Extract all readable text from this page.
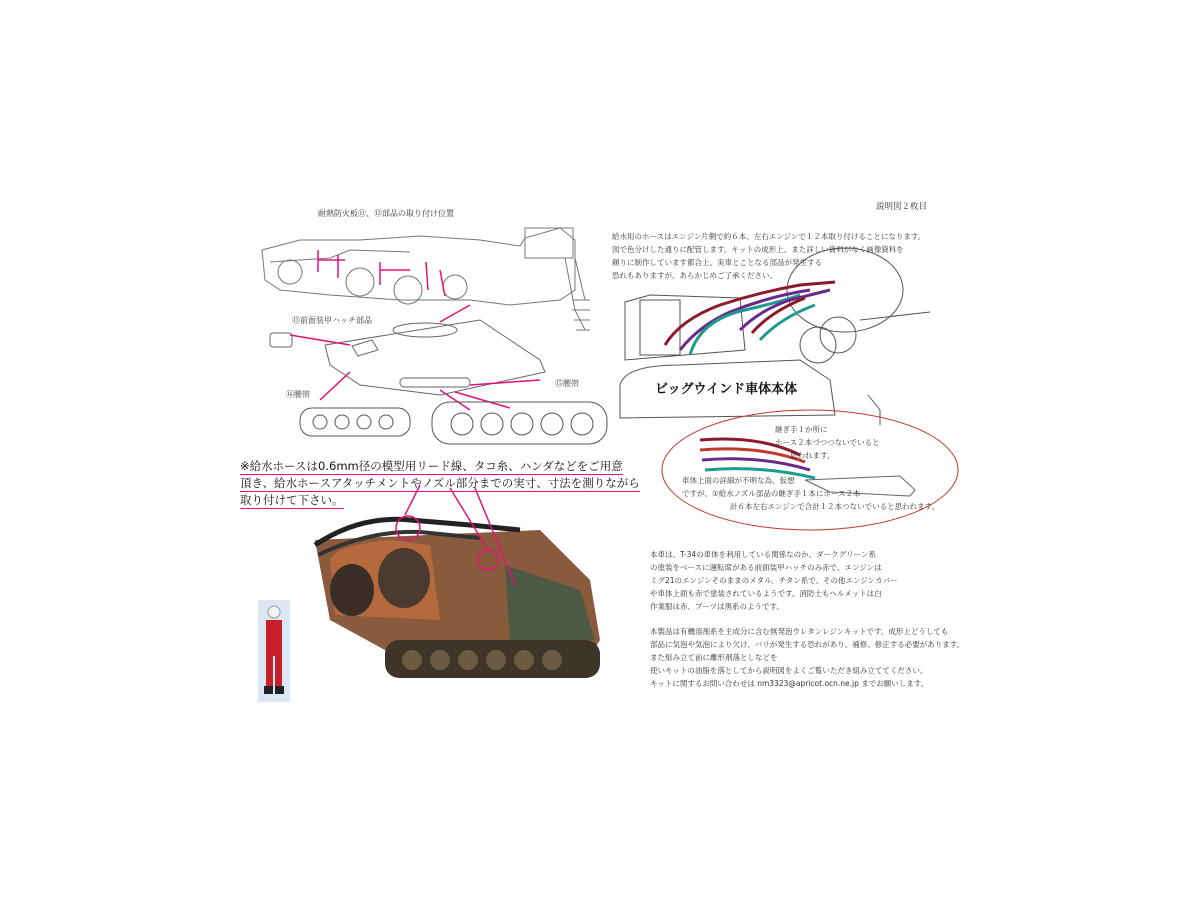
説明図２枚目
耐熱防火板⑪、⑫部品の取り付け位置
⑬前面装甲ハッチ部品
⑮腰帯
⑯腰帯
※給水ホースは0.6mm径の模型用リード線、タコ糸、ハンダなどをご用意
頂き、給水ホースアタッチメントやノズル部分までの実寸、寸法を測りながら
取り付けて下さい。
給水用のホースはエンジン片側で約６本、左右エンジンで１２本取り付けることになります。
図で色分けした通りに配管します。キットの成形上、また詳しい資料がなく画像資料を
頼りに制作しています都合上、実車とことなる部品が発生する
恐れもありますが、あらかじめご了承ください。
ビッグウインド車体本体
継ぎ手１か所に
ホース２本づつつないでいると
思われます。
車体上面の詳細が不明な為、仮想
ですが、①給水ノズル部品の継ぎ手１本にホース２本
計６本左右エンジンで合計１２本つないでいると思われます。
本車は、T-34の車体を利用している関係なのか、ダークグリーン系
の塗装をベースに運転席がある前面装甲ハッチのみ赤で、エンジンは
ミグ21のエンジンそのままのメタル、チタン系で、その他エンジンカバー
や車体上面も赤で塗装されているようです。消防士もヘルメットは白
作業服は赤、ブーツは黒系のようです。
本製品は有機溶剤系を主成分に含む無発泡ウレタンレジンキットです。成形上どうしても
部品に気泡や気泡により欠け、バリが発生する恐れがあり、補修、修正する必要があります。
また組み立て前に離形剤落としなどを
使いキットの油脂を落としてから説明図をよくご覧いただき組み立ててください。
キットに関するお問い合わせは nm3323@apricot.ocn.ne.jp までお願いします。
